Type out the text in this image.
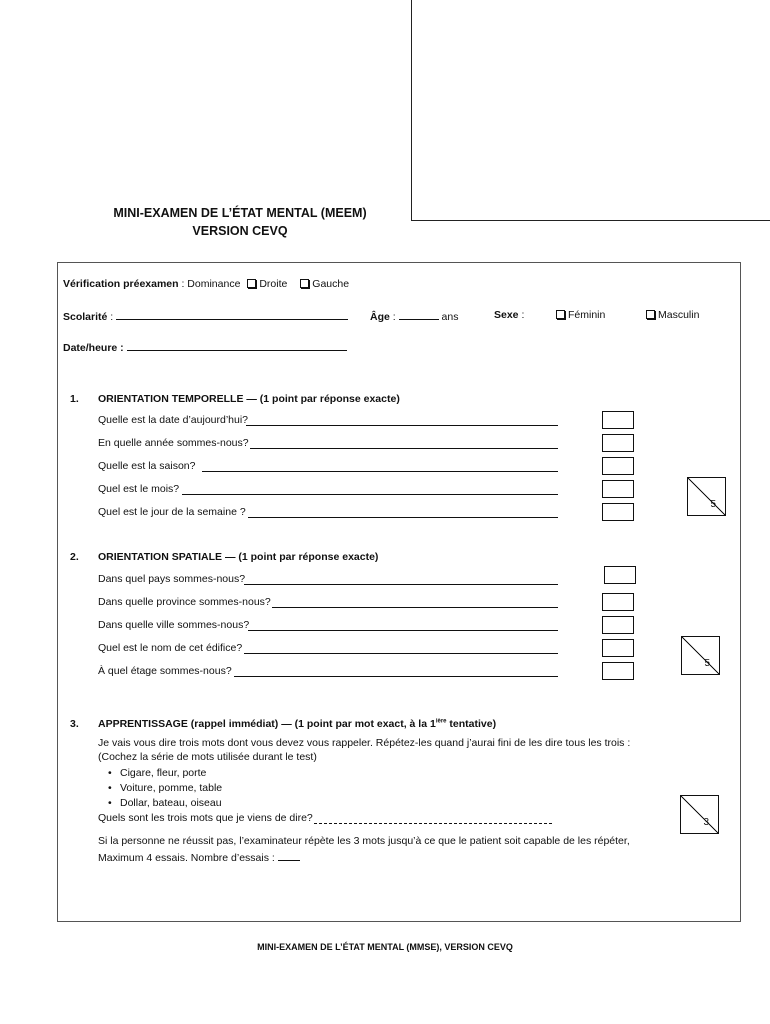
MINI-EXAMEN DE L’ÉTAT MENTAL (MEEM)
VERSION CEVQ
Vérification préexamen : Dominance Droite Gauche
Scolarité :	Âge :	ans	Sexe :	Féminin	Masculin
Date/heure :
1. ORIENTATION TEMPORELLE — (1 point par réponse exacte)
Quelle est la date d’aujourd’hui?
En quelle année sommes-nous?
Quelle est la saison?
Quel est le mois?
Quel est le jour de la semaine ?
5
2. ORIENTATION SPATIALE — (1 point par réponse exacte)
Dans quel pays sommes-nous?
Dans quelle province sommes-nous?
Dans quelle ville sommes-nous?
Quel est le nom de cet édifice?
À quel étage sommes-nous?
5
3. APPRENTISSAGE (rappel immédiat) — (1 point par mot exact, à la $1^{ière}$ tentative)
Je vais vous dire trois mots dont vous devez vous rappeler. Répétez-les quand j’aurai fini de les dire tous les trois :
(Cochez la série de mots utilisée durant le test)
• Cigare, fleur, porte
• Voiture, pomme, table
• Dollar, bateau, oiseau
Quels sont les trois mots que je viens de dire?
Si la personne ne réussit pas, l’examinateur répète les 3 mots jusqu’à ce que le patient soit capable de les répéter,
Maximum 4 essais. Nombre d’essais :
3
MINI-EXAMEN DE L’ÉTAT MENTAL (MMSE), VERSION CEVQ
